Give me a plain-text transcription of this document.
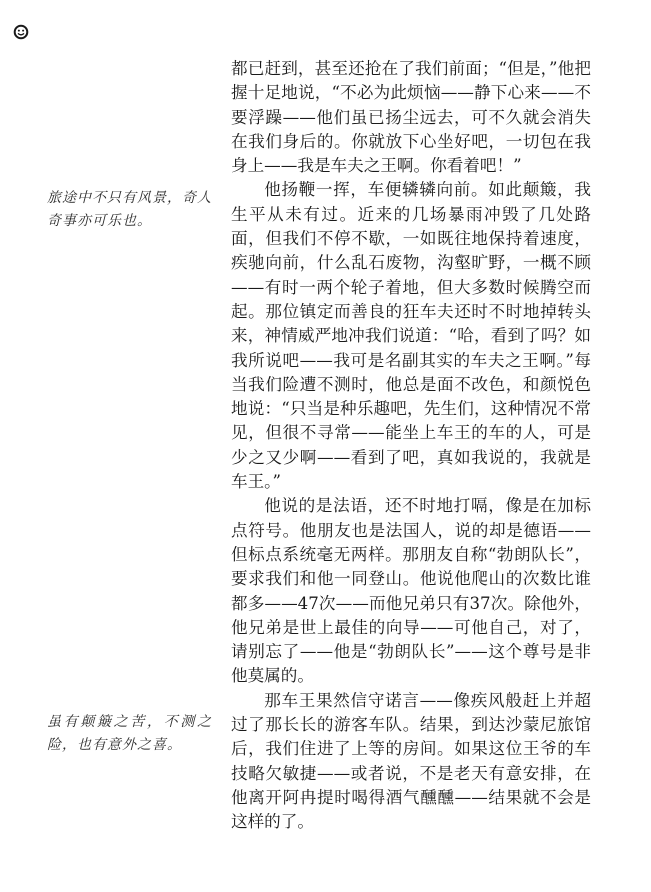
旅途中不只有风景，奇人奇事亦可乐也。
虽有颠簸之苦，不测之险，也有意外之喜。

都已赶到，甚至还抢在了我们前面；“但是，”他把握十足地说，“不必为此烦恼——静下心来——不要浮躁——他们虽已扬尘远去，可不久就会消失在我们身后的。你就放下心坐好吧，一切包在我身上——我是车夫之王啊。你看着吧！”

他扬鞭一挥，车便辚辚向前。如此颠簸，我生平从未有过。近来的几场暴雨冲毁了几处路面，但我们不停不歇，一如既往地保持着速度，疾驰向前，什么乱石废物，沟壑旷野，一概不顾——有时一两个轮子着地，但大多数时候腾空而起。那位镇定而善良的狂车夫还时不时地掉转头来，神情威严地冲我们说道：“哈，看到了吗？如我所说吧——我可是名副其实的车夫之王啊。”每当我们险遭不测时，他总是面不改色，和颜悦色地说：“只当是种乐趣吧，先生们，这种情况不常见，但很不寻常——能坐上车王的车的人，可是少之又少啊——看到了吧，真如我说的，我就是车王。”

他说的是法语，还不时地打嗝，像是在加标点符号。他朋友也是法国人，说的却是德语——但标点系统毫无两样。那朋友自称“勃朗队长”，要求我们和他一同登山。他说他爬山的次数比谁都多——47次——而他兄弟只有37次。除他外，他兄弟是世上最佳的向导——可他自己，对了，请别忘了——他是“勃朗队长”——这个尊号是非他莫属的。

那车王果然信守诺言——像疾风般赶上并超过了那长长的游客车队。结果，到达沙蒙尼旅馆后，我们住进了上等的房间。如果这位王爷的车技略欠敏捷——或者说，不是老天有意安排，在他离开阿冉提时喝得酒气醺醺——结果就不会是这样的了。
